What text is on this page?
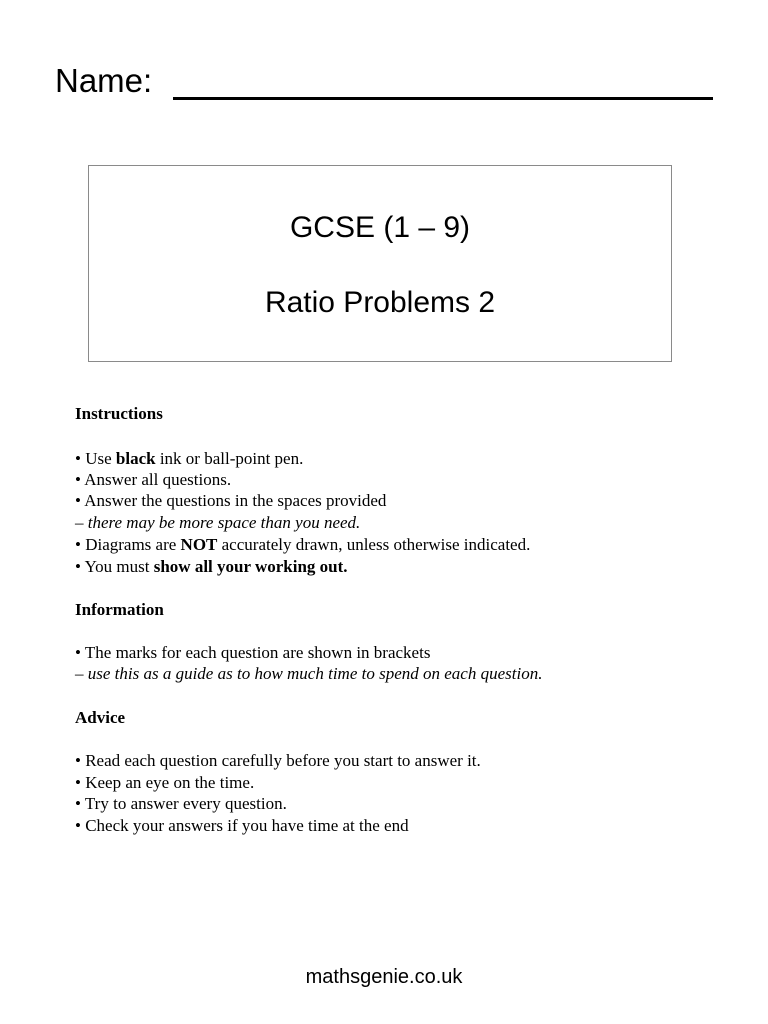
Name:
GCSE (1 – 9)
Ratio Problems 2
Instructions
• Use black ink or ball-point pen.
• Answer all questions.
• Answer the questions in the spaces provided
– there may be more space than you need.
• Diagrams are NOT accurately drawn, unless otherwise indicated.
• You must show all your working out.
Information
• The marks for each question are shown in brackets
– use this as a guide as to how much time to spend on each question.
Advice
• Read each question carefully before you start to answer it.
• Keep an eye on the time.
• Try to answer every question.
• Check your answers if you have time at the end
mathsgenie.co.uk
